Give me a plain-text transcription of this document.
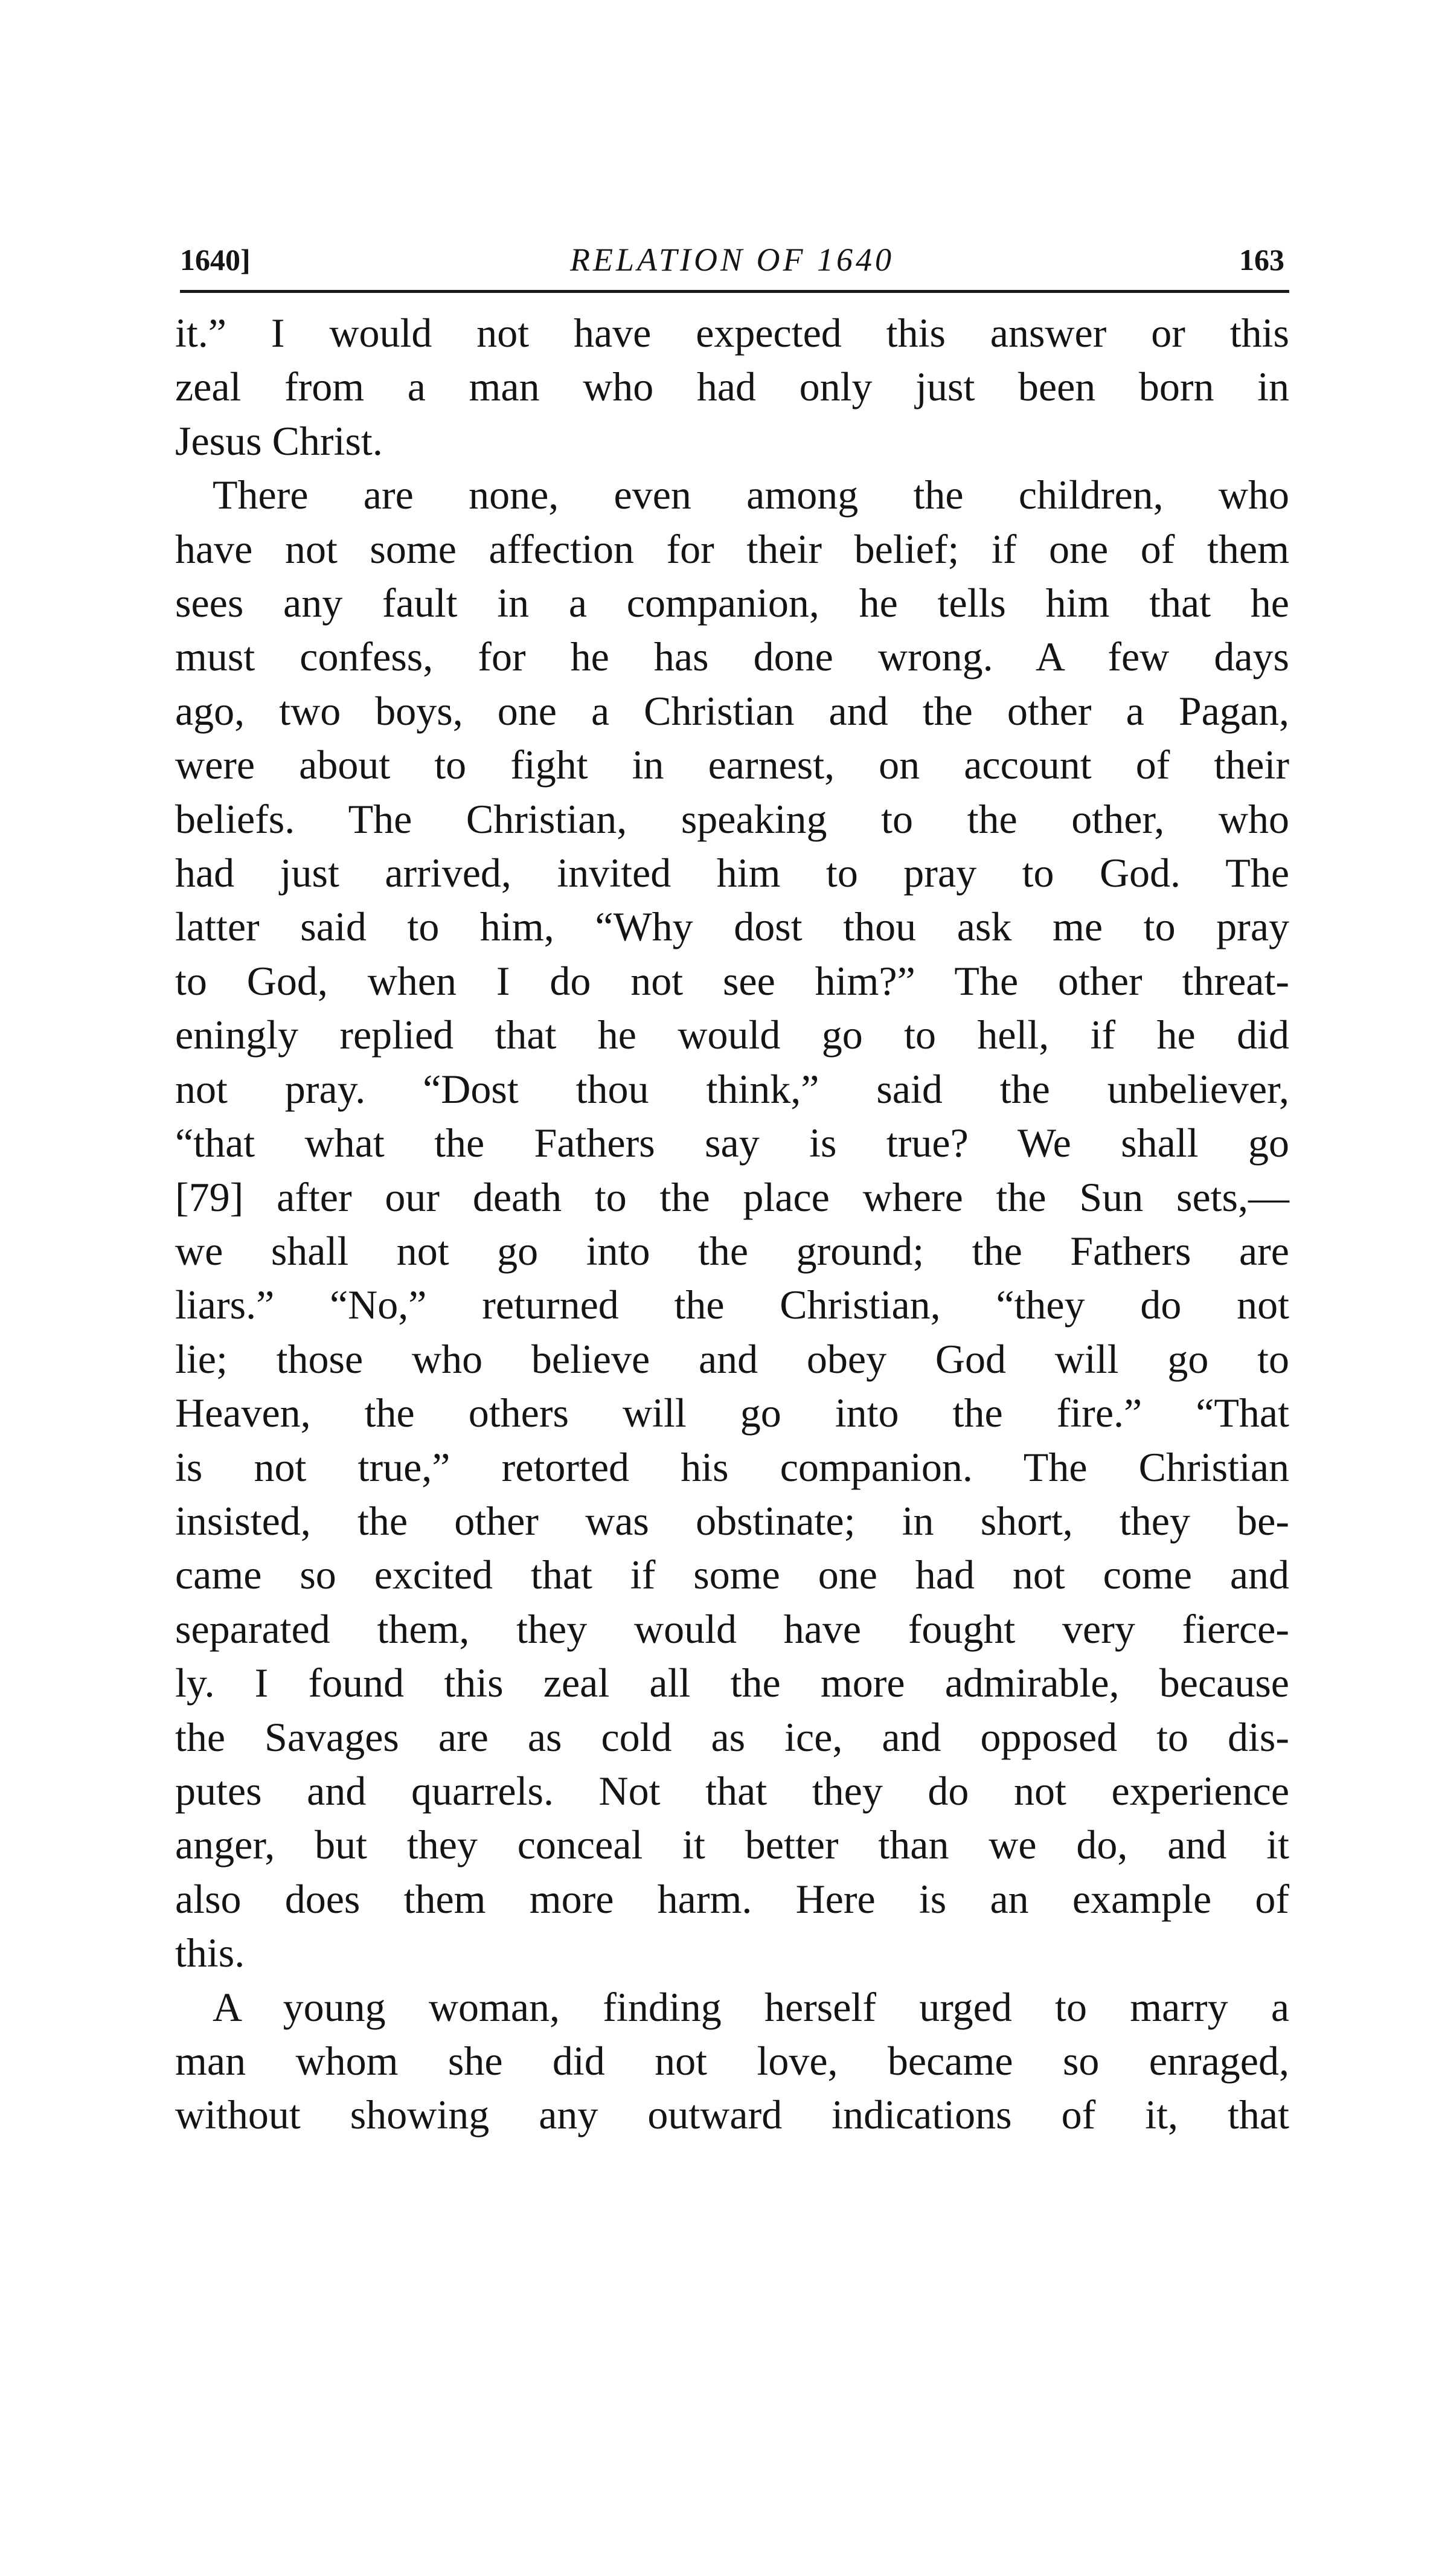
1640]	RELATION OF 1640	163
it.” I would not have expected this answer or this
zeal from a man who had only just been born in
Jesus Christ.
There are none, even among the children, who
have not some affection for their belief; if one of them
sees any fault in a companion, he tells him that he
must confess, for he has done wrong. A few days
ago, two boys, one a Christian and the other a Pagan,
were about to fight in earnest, on account of their
beliefs. The Christian, speaking to the other, who
had just arrived, invited him to pray to God. The
latter said to him, “Why dost thou ask me to pray
to God, when I do not see him?” The other threat-
eningly replied that he would go to hell, if he did
not pray. “Dost thou think,” said the unbeliever,
“that what the Fathers say is true? We shall go
[79] after our death to the place where the Sun sets,—
we shall not go into the ground; the Fathers are
liars.” “No,” returned the Christian, “they do not
lie; those who believe and obey God will go to
Heaven, the others will go into the fire.” “That
is not true,” retorted his companion. The Christian
insisted, the other was obstinate; in short, they be-
came so excited that if some one had not come and
separated them, they would have fought very fierce-
ly. I found this zeal all the more admirable, because
the Savages are as cold as ice, and opposed to dis-
putes and quarrels. Not that they do not experience
anger, but they conceal it better than we do, and it
also does them more harm. Here is an example of
this.
A young woman, finding herself urged to marry a
man whom she did not love, became so enraged,
without showing any outward indications of it, that
